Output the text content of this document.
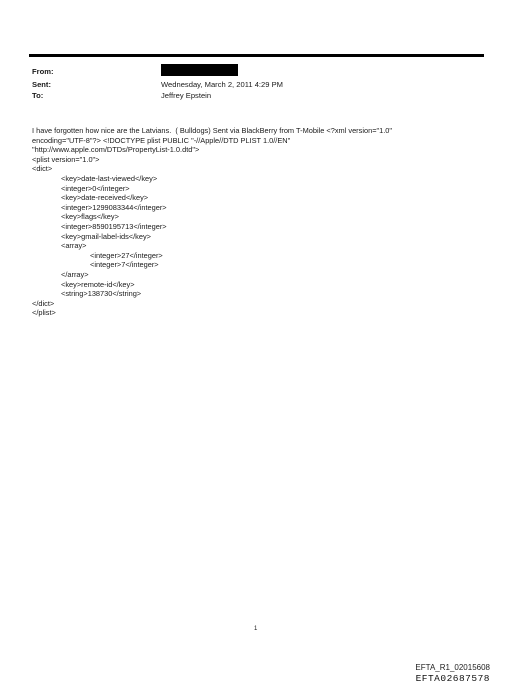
From:
Sent:	Wednesday, March 2, 2011 4:29 PM
To:	Jeffrey Epstein
I have forgotten how nice are the Latvians.  ( Bulldogs) Sent via BlackBerry from T-Mobile <?xml version="1.0"
encoding="UTF-8"?> <!DOCTYPE plist PUBLIC "-//Apple//DTD PLIST 1.0//EN"
"http://www.apple.com/DTDs/PropertyList-1.0.dtd">
<plist version="1.0">
<dict>
<key>date-last-viewed</key>
<integer>0</integer>
<key>date-received</key>
<integer>1299083344</integer>
<key>flags</key>
<integer>8590195713</integer>
<key>gmail-label-ids</key>
<array>
<integer>27</integer>
<integer>7</integer>
</array>
<key>remote-id</key>
<string>138730</string>
</dict>
</plist>
1
EFTA_R1_02015608
EFTA02687578
